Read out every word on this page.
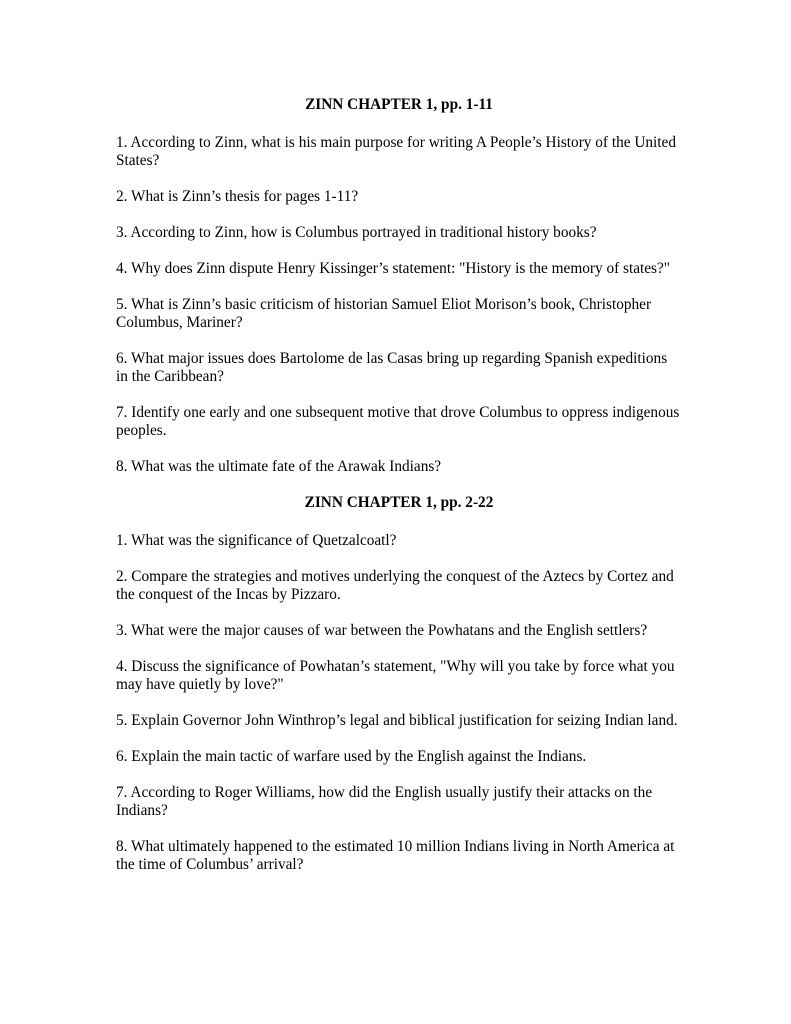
ZINN CHAPTER 1, pp. 1-11

1. According to Zinn, what is his main purpose for writing A People’s History of the United States?

2. What is Zinn’s thesis for pages 1-11?

3. According to Zinn, how is Columbus portrayed in traditional history books?

4. Why does Zinn dispute Henry Kissinger’s statement: "History is the memory of states?"

5. What is Zinn’s basic criticism of historian Samuel Eliot Morison’s book, Christopher Columbus, Mariner?

6. What major issues does Bartolome de las Casas bring up regarding Spanish expeditions in the Caribbean?

7. Identify one early and one subsequent motive that drove Columbus to oppress indigenous peoples.

8. What was the ultimate fate of the Arawak Indians?

ZINN CHAPTER 1, pp. 2-22

1. What was the significance of Quetzalcoatl?

2. Compare the strategies and motives underlying the conquest of the Aztecs by Cortez and the conquest of the Incas by Pizzaro.

3. What were the major causes of war between the Powhatans and the English settlers?

4. Discuss the significance of Powhatan’s statement, "Why will you take by force what you may have quietly by love?"

5. Explain Governor John Winthrop’s legal and biblical justification for seizing Indian land.

6. Explain the main tactic of warfare used by the English against the Indians.

7. According to Roger Williams, how did the English usually justify their attacks on the Indians?

8. What ultimately happened to the estimated 10 million Indians living in North America at the time of Columbus’ arrival?
